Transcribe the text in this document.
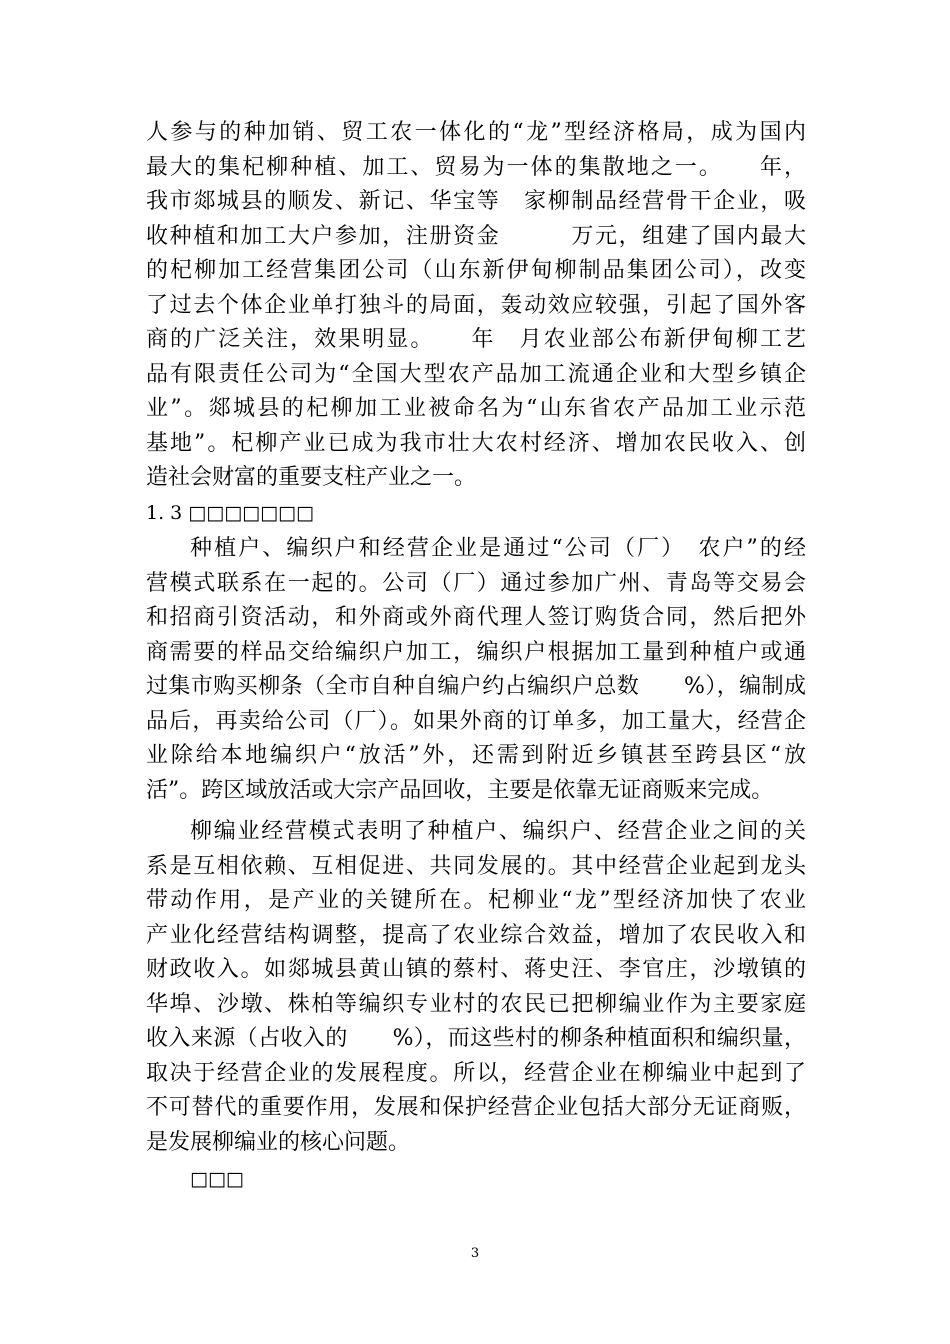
人参与的种加销、贸工农一体化的“龙”型经济格局，成为国内
最大的集杞柳种植、加工、贸易为一体的集散地之一。　　年，
我市郯城县的顺发、新记、华宝等　家柳制品经营骨干企业，吸
收种植和加工大户参加，注册资金　　　万元，组建了国内最大
的杞柳加工经营集团公司（山东新伊甸柳制品集团公司），改变
了过去个体企业单打独斗的局面，轰动效应较强，引起了国外客
商的广泛关注，效果明显。　　年　月农业部公布新伊甸柳工艺
品有限责任公司为“全国大型农产品加工流通企业和大型乡镇企
业”。郯城县的杞柳加工业被命名为“山东省农产品加工业示范
基地”。杞柳产业已成为我市壮大农村经济、增加农民收入、创
造社会财富的重要支柱产业之一。
1. 3 □□□□□□□
种植户、编织户和经营企业是通过“公司（厂）　农户”的经
营模式联系在一起的。公司（厂）通过参加广州、青岛等交易会
和招商引资活动，和外商或外商代理人签订购货合同，然后把外
商需要的样品交给编织户加工，编织户根据加工量到种植户或通
过集市购买柳条（全市自种自编户约占编织户总数　　%），编制成
品后，再卖给公司（厂）。如果外商的订单多，加工量大，经营企
业除给本地编织户“放活”外，还需到附近乡镇甚至跨县区“放
活”。跨区域放活或大宗产品回收，主要是依靠无证商贩来完成。
柳编业经营模式表明了种植户、编织户、经营企业之间的关
系是互相依赖、互相促进、共同发展的。其中经营企业起到龙头
带动作用，是产业的关键所在。杞柳业“龙”型经济加快了农业
产业化经营结构调整，提高了农业综合效益，增加了农民收入和
财政收入。如郯城县黄山镇的蔡村、蒋史汪、李官庄，沙墩镇的
华埠、沙墩、株柏等编织专业村的农民已把柳编业作为主要家庭
收入来源（占收入的　　%），而这些村的柳条种植面积和编织量，
取决于经营企业的发展程度。所以，经营企业在柳编业中起到了
不可替代的重要作用，发展和保护经营企业包括大部分无证商贩，
是发展柳编业的核心问题。
□□□
3
